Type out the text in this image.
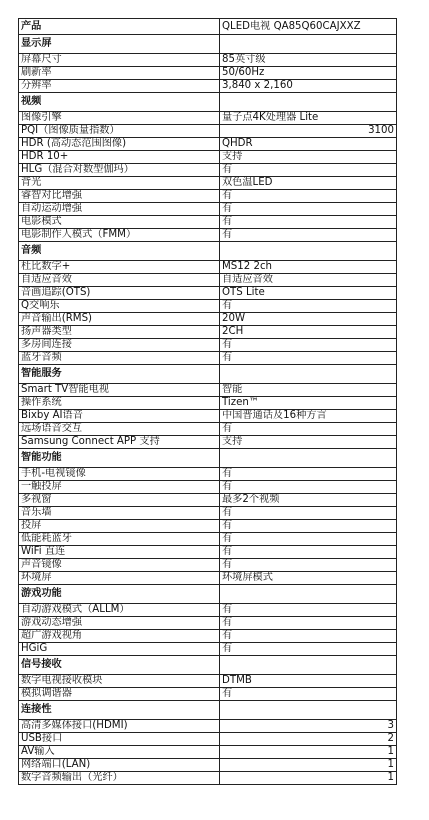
产品	QLED电视 QA85Q60CAJXXZ
显示屏	
屏幕尺寸	85英寸级
刷新率	50/60Hz
分辨率	3,840 x 2,160
视频	
图像引擎	量子点4K处理器 Lite
PQI（图像质量指数）	3100
HDR (高动态范围图像)	QHDR
HDR 10+	支持
HLG（混合对数型伽玛）	有
背光	双色温LED
睿智对比增强	有
自动运动增强	有
电影模式	有
电影制作人模式（FMM）	有
音频	
杜比数字+	MS12 2ch
自适应音效	自适应音效
音画追踪(OTS)	OTS Lite
Q交响乐	有
声音输出(RMS)	20W
扬声器类型	2CH
多房间连接	有
蓝牙音频	有
智能服务	
Smart TV智能电视	智能
操作系统	Tizen™
Bixby AI语音	中国普通话及16种方言
远场语音交互	有
Samsung Connect APP 支持	支持
智能功能	
手机-电视镜像	有
一触投屏	有
多视窗	最多2个视频
音乐墙	有
投屏	有
低能耗蓝牙	有
WiFi 直连	有
声音镜像	有
环境屏	环境屏模式
游戏功能	
自动游戏模式（ALLM）	有
游戏动态增强	有
超广游戏视角	有
HGiG	有
信号接收	
数字电视接收模块	DTMB
模拟调谐器	有
连接性	
高清多媒体接口(HDMI)	3
USB接口	2
AV输入	1
网络端口(LAN)	1
数字音频输出（光纤）	1
